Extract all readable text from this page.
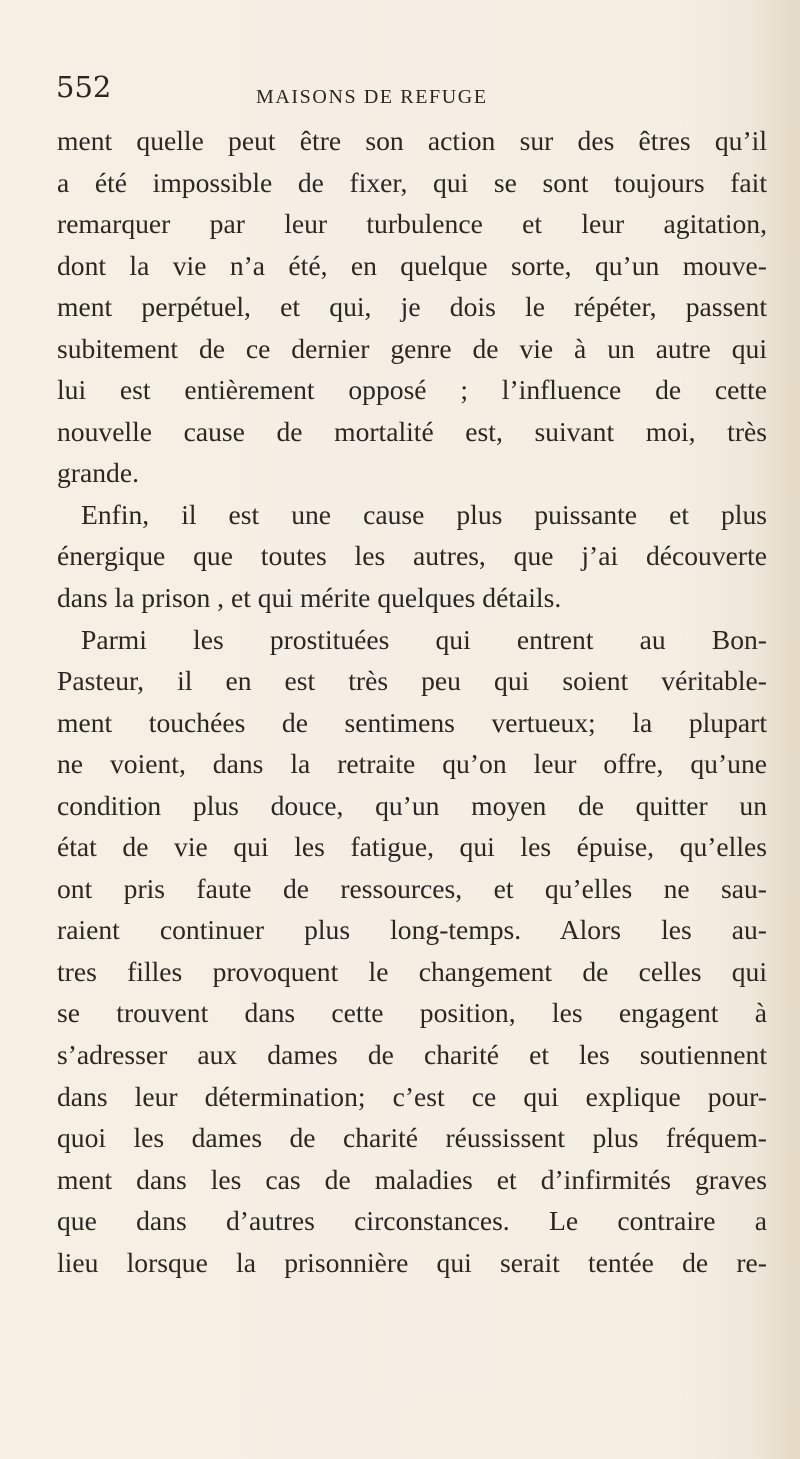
552	MAISONS DE REFUGE
ment quelle peut être son action sur des êtres qu’il
a été impossible de fixer, qui se sont toujours fait
remarquer par leur turbulence et leur agitation,
dont la vie n’a été, en quelque sorte, qu’un mouve-
ment perpétuel, et qui, je dois le répéter, passent
subitement de ce dernier genre de vie à un autre qui
lui est entièrement opposé ; l’influence de cette
nouvelle cause de mortalité est, suivant moi, très
grande.
Enfin, il est une cause plus puissante et plus
énergique que toutes les autres, que j’ai découverte
dans la prison , et qui mérite quelques détails.
Parmi les prostituées qui entrent au Bon-
Pasteur, il en est très peu qui soient véritable-
ment touchées de sentimens vertueux; la plupart
ne voient, dans la retraite qu’on leur offre, qu’une
condition plus douce, qu’un moyen de quitter un
état de vie qui les fatigue, qui les épuise, qu’elles
ont pris faute de ressources, et qu’elles ne sau-
raient continuer plus long-temps. Alors les au-
tres filles provoquent le changement de celles qui
se trouvent dans cette position, les engagent à
s’adresser aux dames de charité et les soutiennent
dans leur détermination; c’est ce qui explique pour-
quoi les dames de charité réussissent plus fréquem-
ment dans les cas de maladies et d’infirmités graves
que dans d’autres circonstances. Le contraire a
lieu lorsque la prisonnière qui serait tentée de re-
